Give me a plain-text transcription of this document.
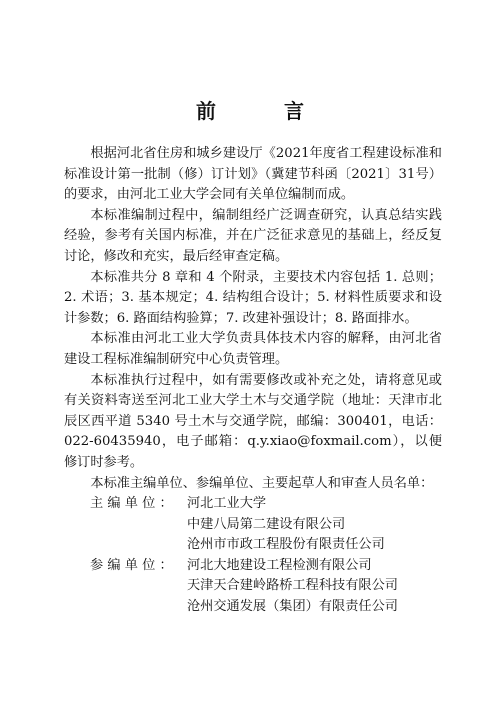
前　言

根据河北省住房和城乡建设厅《2021年度省工程建设标准和标准设计第一批制（修）订计划》（冀建节科函〔2021〕31号）的要求，由河北工业大学会同有关单位编制而成。

本标准编制过程中，编制组经广泛调查研究，认真总结实践经验，参考有关国内标准，并在广泛征求意见的基础上，经反复讨论，修改和充实，最后经审查定稿。

本标准共分 8 章和 4 个附录，主要技术内容包括 1. 总则；2. 术语；3. 基本规定；4. 结构组合设计；5. 材料性质要求和设计参数；6. 路面结构验算；7. 改建补强设计；8. 路面排水。

本标准由河北工业大学负责具体技术内容的解释，由河北省建设工程标准编制研究中心负责管理。

本标准执行过程中，如有需要修改或补充之处，请将意见或有关资料寄送至河北工业大学土木与交通学院（地址：天津市北辰区西平道 5340 号土木与交通学院，邮编：300401，电话：022-60435940，电子邮箱：q.y.xiao@foxmail.com），以便修订时参考。

本标准主编单位、参编单位、主要起草人和审查人员名单：

主 编 单 位 ：	河北工业大学
中建八局第二建设有限公司
沧州市市政工程股份有限责任公司
参 编 单 位 ：	河北大地建设工程检测有限公司
天津天合建岭路桥工程科技有限公司
沧州交通发展（集团）有限责任公司
